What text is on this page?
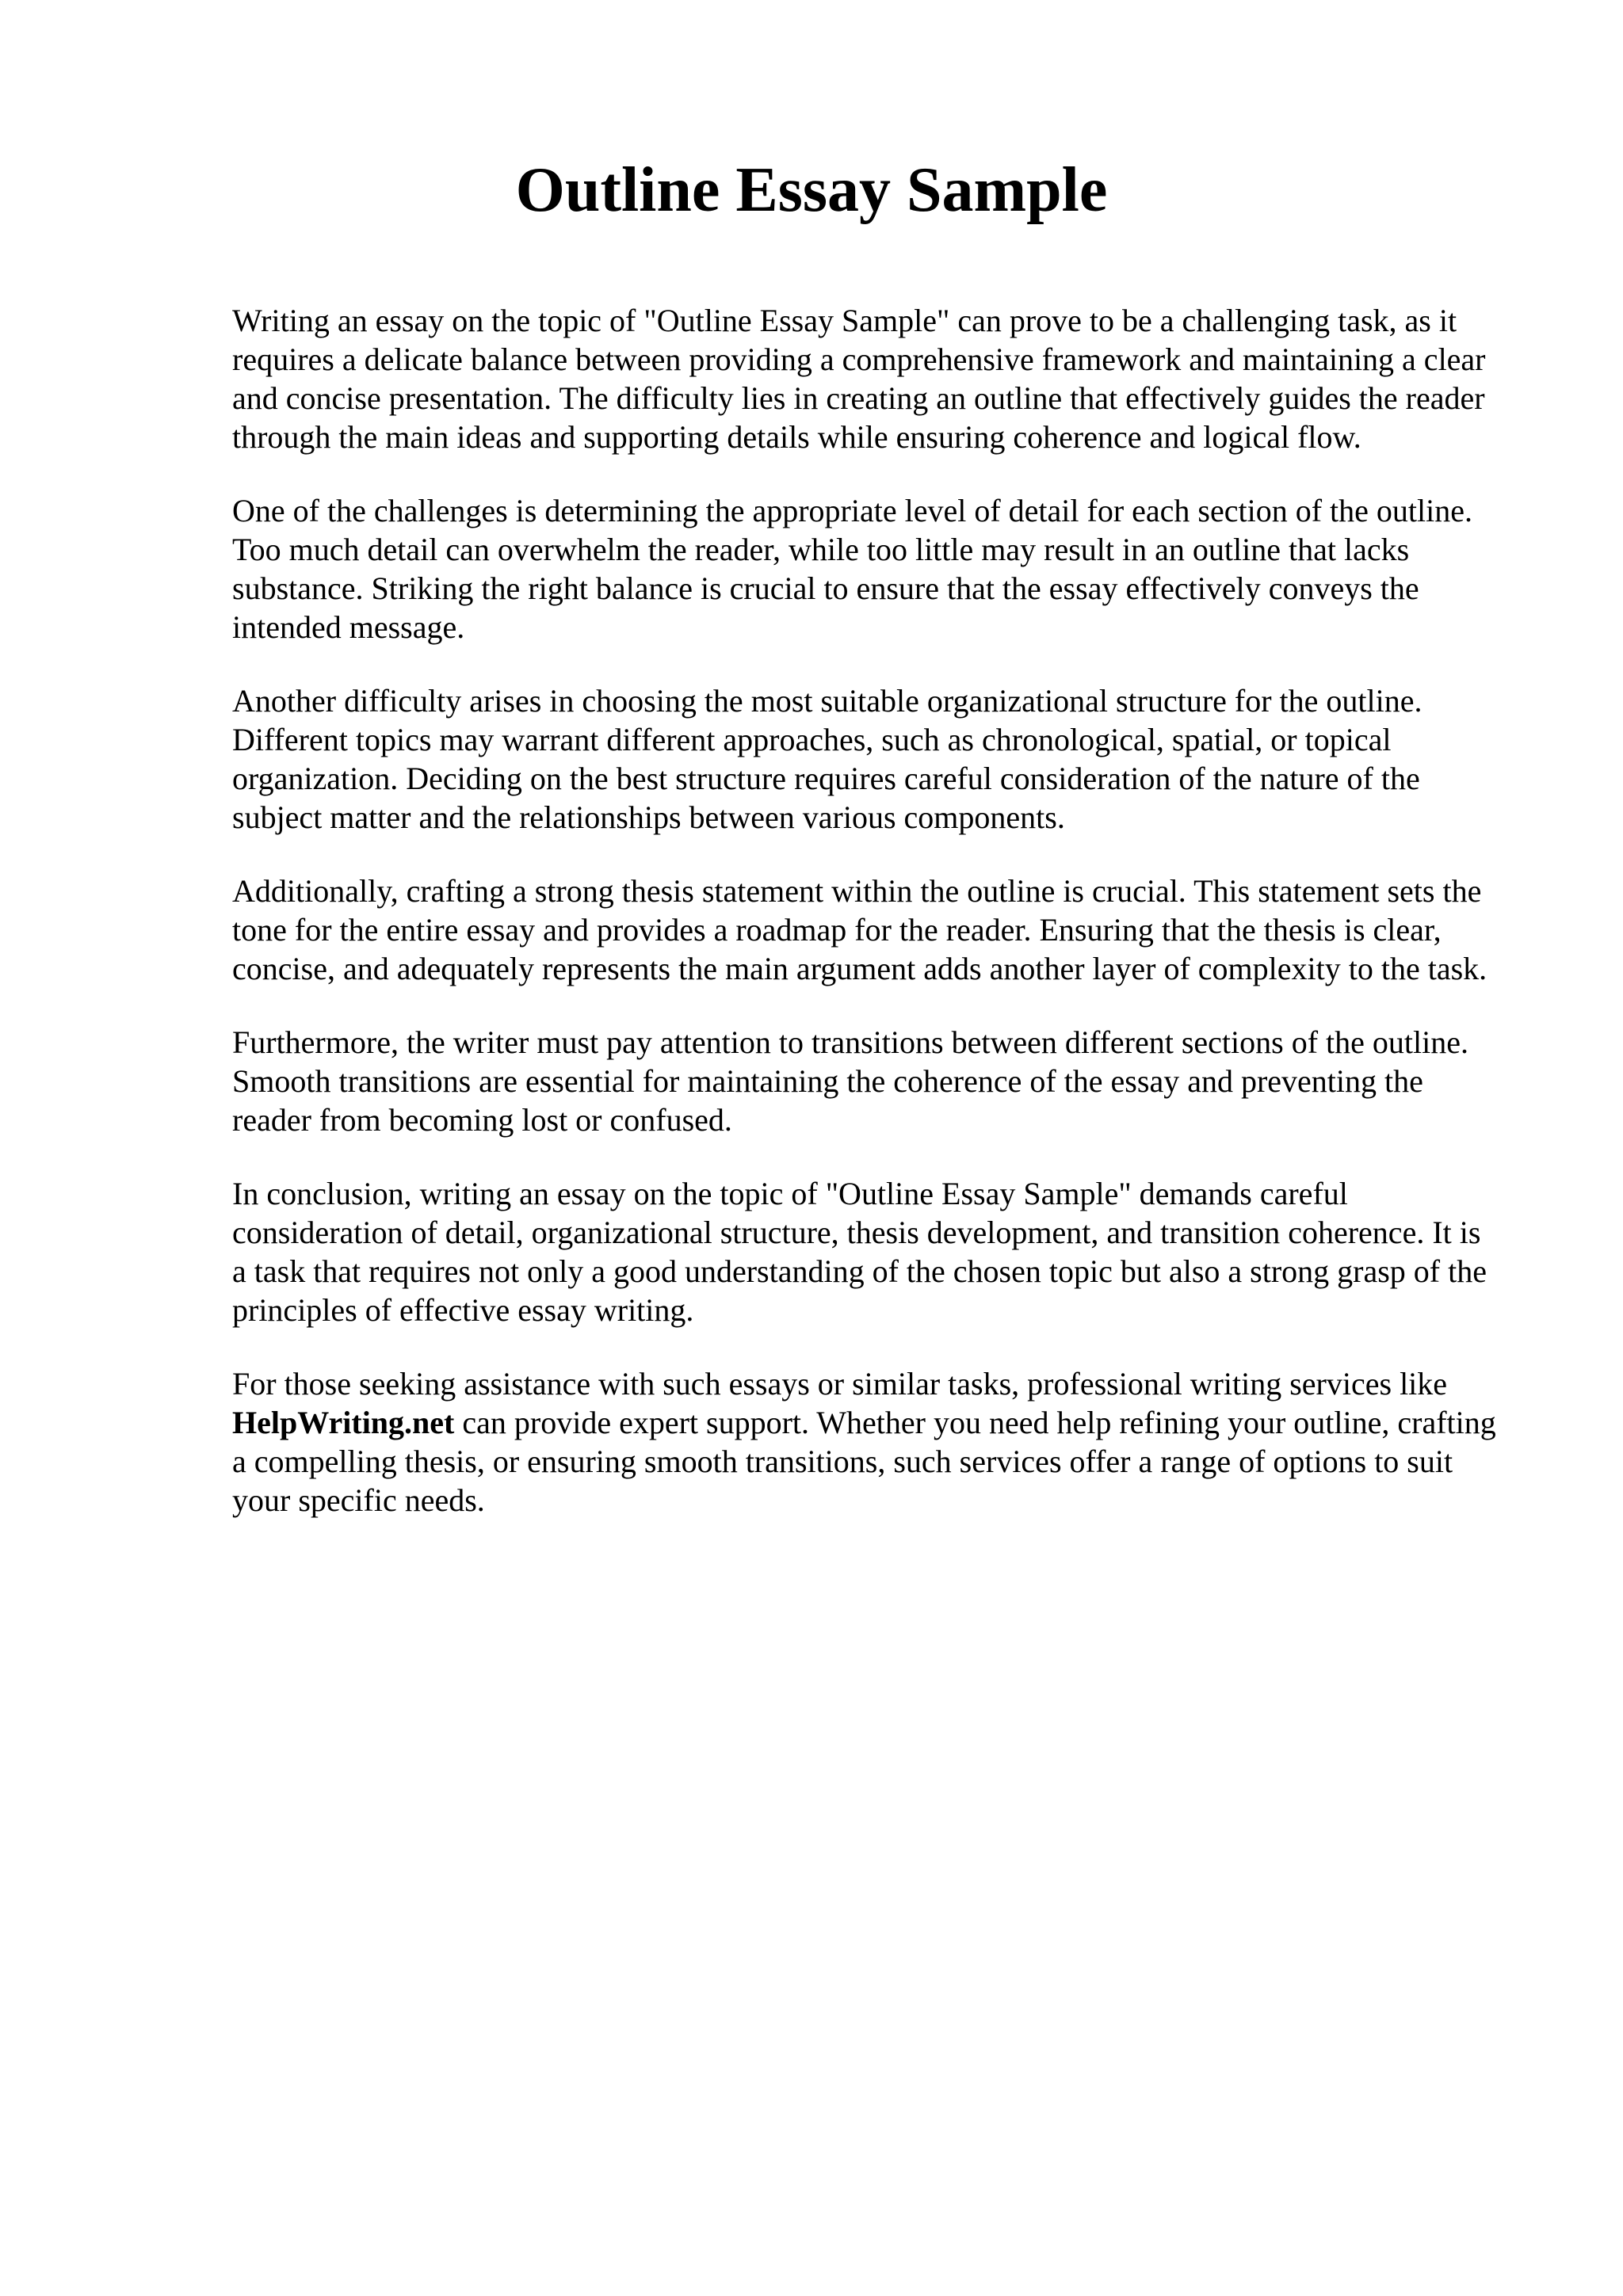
Outline Essay Sample

Writing an essay on the topic of "Outline Essay Sample" can prove to be a challenging task, as it requires a delicate balance between providing a comprehensive framework and maintaining a clear and concise presentation. The difficulty lies in creating an outline that effectively guides the reader through the main ideas and supporting details while ensuring coherence and logical flow.

One of the challenges is determining the appropriate level of detail for each section of the outline. Too much detail can overwhelm the reader, while too little may result in an outline that lacks substance. Striking the right balance is crucial to ensure that the essay effectively conveys the intended message.

Another difficulty arises in choosing the most suitable organizational structure for the outline. Different topics may warrant different approaches, such as chronological, spatial, or topical organization. Deciding on the best structure requires careful consideration of the nature of the subject matter and the relationships between various components.

Additionally, crafting a strong thesis statement within the outline is crucial. This statement sets the tone for the entire essay and provides a roadmap for the reader. Ensuring that the thesis is clear, concise, and adequately represents the main argument adds another layer of complexity to the task.

Furthermore, the writer must pay attention to transitions between different sections of the outline. Smooth transitions are essential for maintaining the coherence of the essay and preventing the reader from becoming lost or confused.

In conclusion, writing an essay on the topic of "Outline Essay Sample" demands careful consideration of detail, organizational structure, thesis development, and transition coherence. It is a task that requires not only a good understanding of the chosen topic but also a strong grasp of the principles of effective essay writing.

For those seeking assistance with such essays or similar tasks, professional writing services like HelpWriting.net can provide expert support. Whether you need help refining your outline, crafting a compelling thesis, or ensuring smooth transitions, such services offer a range of options to suit your specific needs.
